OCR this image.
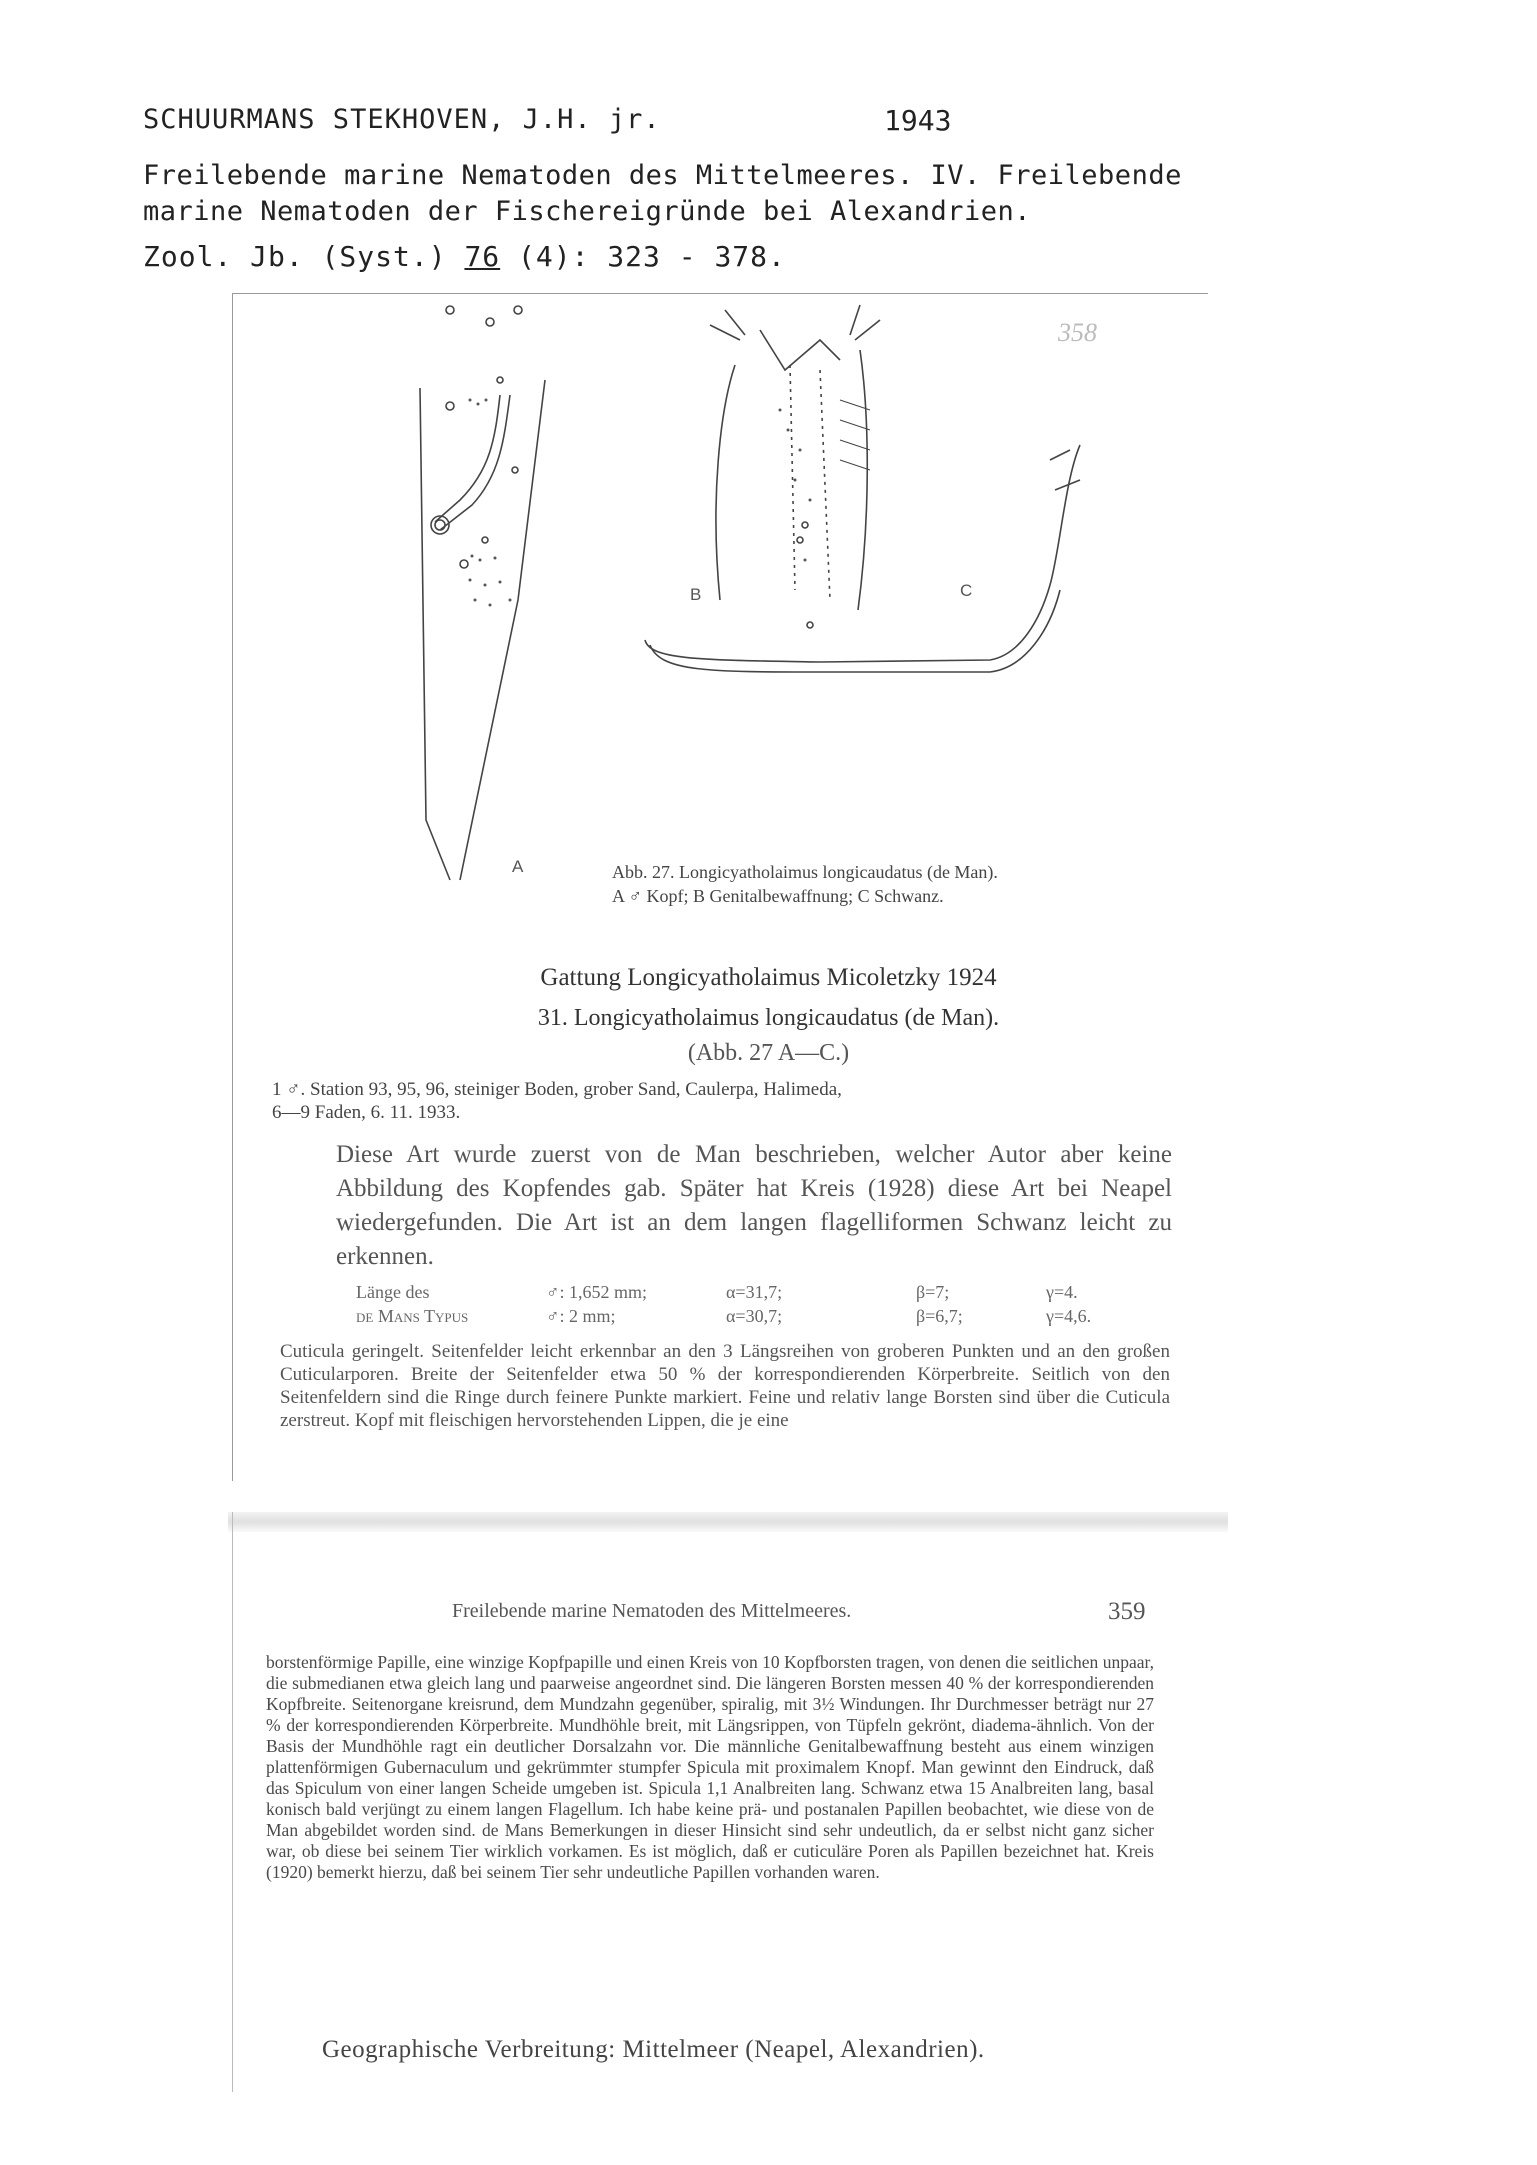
SCHUURMANS STEKHOVEN, J.H. jr.	1943
Freilebende marine Nematoden des Mittelmeeres. IV. Freilebende
marine Nematoden der Fischereigründe bei Alexandrien.
Zool. Jb. (Syst.) 76 (4): 323 - 378.
358
A
B	C
Abb. 27. Longicyatholaimus longicaudatus (de Man).
A ♂ Kopf; B Genitalbewaffnung; C Schwanz.
Gattung Longicyatholaimus Micoletzky 1924
31. Longicyatholaimus longicaudatus (de Man).
(Abb. 27 A—C.)
1 ♂. Station 93, 95, 96, steiniger Boden, grober Sand, Caulerpa, Halimeda,
6—9 Faden, 6. 11. 1933.
Diese Art wurde zuerst von de Man beschrieben, welcher Autor aber keine Abbildung des Kopfendes gab. Später hat Kreis (1928) diese Art bei Neapel wiedergefunden. Die Art ist an dem langen flagelliformen Schwanz leicht zu erkennen.
Länge des	♂: 1,652 mm;	α=31,7;	β=7;	γ=4.
de Mans Typus	♂: 2 mm;	α=30,7;	β=6,7;	γ=4,6.
Cuticula geringelt. Seitenfelder leicht erkennbar an den 3 Längsreihen von groberen Punkten und an den großen Cuticularporen. Breite der Seitenfelder etwa 50 % der korrespondierenden Körperbreite. Seitlich von den Seitenfeldern sind die Ringe durch feinere Punkte markiert. Feine und relativ lange Borsten sind über die Cuticula zerstreut. Kopf mit fleischigen hervorstehenden Lippen, die je eine
Freilebende marine Nematoden des Mittelmeeres.	359
borstenförmige Papille, eine winzige Kopfpapille und einen Kreis von 10 Kopfborsten tragen, von denen die seitlichen unpaar, die submedianen etwa gleich lang und paarweise angeordnet sind. Die längeren Borsten messen 40 % der korrespondierenden Kopfbreite. Seitenorgane kreisrund, dem Mundzahn gegenüber, spiralig, mit 3½ Windungen. Ihr Durchmesser beträgt nur 27 % der korrespondierenden Körperbreite. Mundhöhle breit, mit Längsrippen, von Tüpfeln gekrönt, diadema-ähnlich. Von der Basis der Mundhöhle ragt ein deutlicher Dorsalzahn vor. Die männliche Genitalbewaffnung besteht aus einem winzigen plattenförmigen Gubernaculum und gekrümmter stumpfer Spicula mit proximalem Knopf. Man gewinnt den Eindruck, daß das Spiculum von einer langen Scheide umgeben ist. Spicula 1,1 Analbreiten lang. Schwanz etwa 15 Analbreiten lang, basal konisch bald verjüngt zu einem langen Flagellum. Ich habe keine prä- und postanalen Papillen beobachtet, wie diese von de Man abgebildet worden sind. de Mans Bemerkungen in dieser Hinsicht sind sehr undeutlich, da er selbst nicht ganz sicher war, ob diese bei seinem Tier wirklich vorkamen. Es ist möglich, daß er cuticuläre Poren als Papillen bezeichnet hat. Kreis (1920) bemerkt hierzu, daß bei seinem Tier sehr undeutliche Papillen vorhanden waren.
Geographische Verbreitung: Mittelmeer (Neapel, Alexandrien).
